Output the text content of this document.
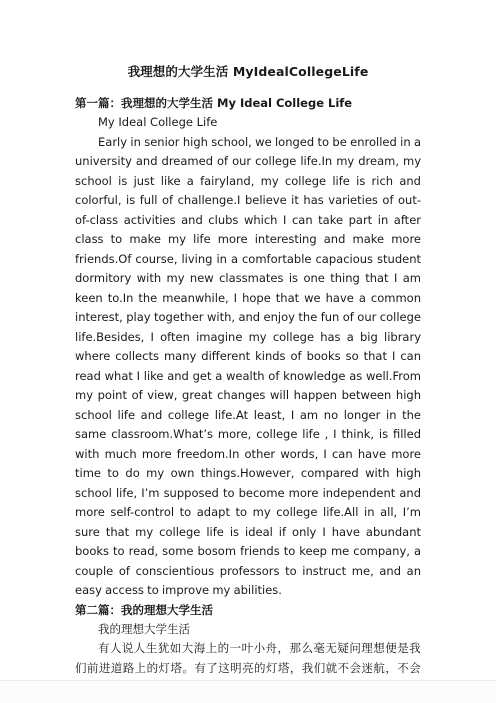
我理想的大学生活 MyIdealCollegeLife

第一篇：我理想的大学生活 My Ideal College Life

My Ideal College Life

Early in senior high school, we longed to be enrolled in a university and dreamed of our college life.In my dream, my school is just like a fairyland, my college life is rich and colorful, is full of challenge.I believe it has varieties of out-of-class activities and clubs which I can take part in after class to make my life more interesting and make more friends.Of course, living in a comfortable capacious student dormitory with my new classmates is one thing that I am keen to.In the meanwhile, I hope that we have a common interest, play together with, and enjoy the fun of our college life.Besides, I often imagine my college has a big library where collects many different kinds of books so that I can read what I like and get a wealth of knowledge as well.From my point of view, great changes will happen between high school life and college life.At least, I am no longer in the same classroom.What’s more, college life , I think, is filled with much more freedom.In other words, I can have more time to do my own things.However, compared with high school life, I’m supposed to become more independent and more self-control to adapt to my college life.All in all, I’m sure that my college life is ideal if only I have abundant books to read, some bosom friends to keep me company, a couple of conscientious professors to instruct me, and an easy access to improve my abilities.

第二篇：我的理想大学生活

我的理想大学生活

有人说人生犹如大海上的一叶小舟，那么毫无疑问理想便是我们前进道路上的灯塔。有了这明亮的灯塔，我们就不会迷航，不会
